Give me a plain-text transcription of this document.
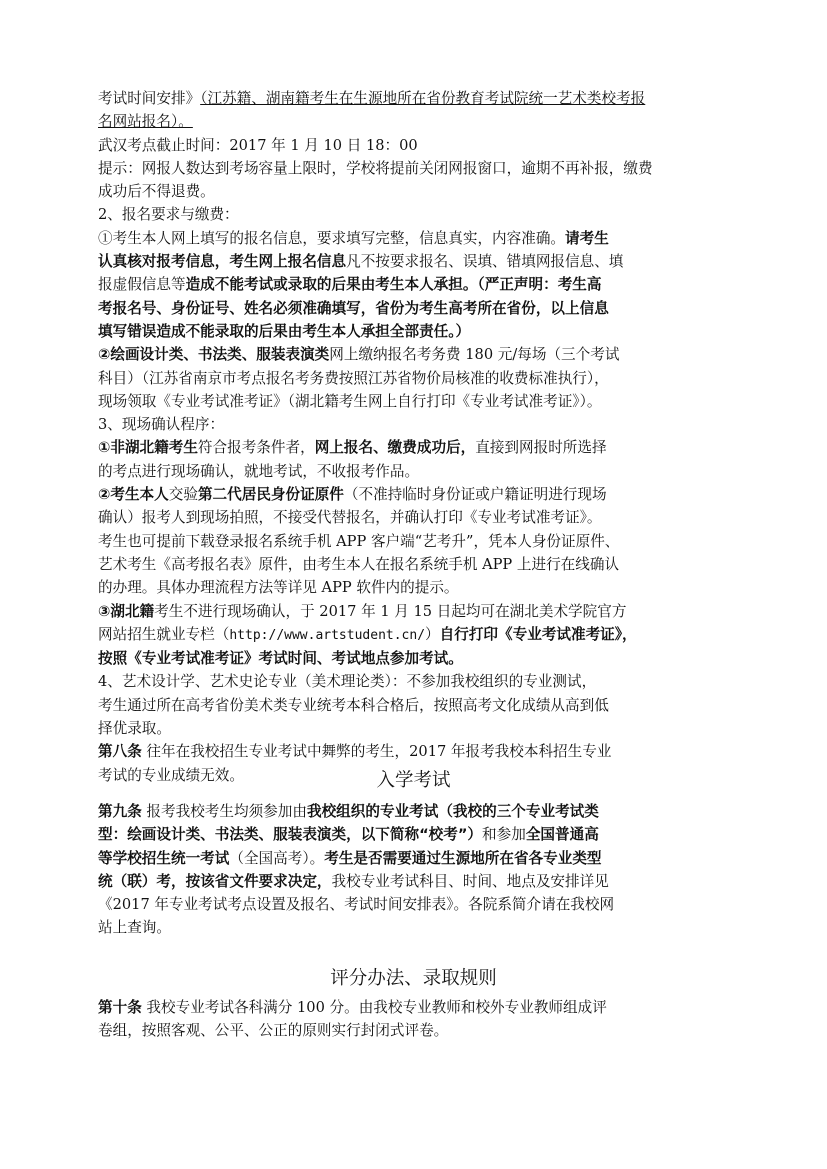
考试时间安排》（江苏籍、湖南籍考生在生源地所在省份教育考试院统一艺术类校考报
名网站报名）。
武汉考点截止时间：2017 年 1 月 10 日 18：00
提示：网报人数达到考场容量上限时，学校将提前关闭网报窗口，逾期不再补报，缴费
成功后不得退费。
2、报名要求与缴费：
①考生本人网上填写的报名信息，要求填写完整，信息真实，内容准确。请考生
认真核对报考信息，考生网上报名信息凡不按要求报名、误填、错填网报信息、填
报虚假信息等造成不能考试或录取的后果由考生本人承担。（严正声明：考生高
考报名号、身份证号、姓名必须准确填写，省份为考生高考所在省份，以上信息
填写错误造成不能录取的后果由考生本人承担全部责任。）
②绘画设计类、书法类、服装表演类网上缴纳报名考务费 180 元/每场（三个考试
科目）（江苏省南京市考点报名考务费按照江苏省物价局核准的收费标准执行），
现场领取《专业考试准考证》（湖北籍考生网上自行打印《专业考试准考证》）。
3、现场确认程序：
①非湖北籍考生符合报考条件者，网上报名、缴费成功后，直接到网报时所选择
的考点进行现场确认，就地考试，不收报考作品。
②考生本人交验第二代居民身份证原件（不准持临时身份证或户籍证明进行现场
确认）报考人到现场拍照，不接受代替报名，并确认打印《专业考试准考证》。
考生也可提前下载登录报名系统手机 APP 客户端“艺考升”，凭本人身份证原件、
艺术考生《高考报名表》原件，由考生本人在报名系统手机 APP 上进行在线确认
的办理。具体办理流程方法等详见 APP 软件内的提示。
③湖北籍考生不进行现场确认，于 2017 年 1 月 15 日起均可在湖北美术学院官方
网站招生就业专栏（http://www.artstudent.cn/）自行打印《专业考试准考证》，
按照《专业考试准考证》考试时间、考试地点参加考试。
4、艺术设计学、艺术史论专业（美术理论类）：不参加我校组织的专业测试，
考生通过所在高考省份美术类专业统考本科合格后，按照高考文化成绩从高到低
择优录取。
第八条 往年在我校招生专业考试中舞弊的考生，2017 年报考我校本科招生专业
考试的专业成绩无效。	入学考试
第九条 报考我校考生均须参加由我校组织的专业考试（我校的三个专业考试类
型：绘画设计类、书法类、服装表演类，以下简称“校考”）和参加全国普通高
等学校招生统一考试（全国高考）。考生是否需要通过生源地所在省各专业类型
统（联）考，按该省文件要求决定，我校专业考试科目、时间、地点及安排详见
《2017 年专业考试考点设置及报名、考试时间安排表》。各院系简介请在我校网
站上查询。
评分办法、录取规则
第十条 我校专业考试各科满分 100 分。由我校专业教师和校外专业教师组成评
卷组，按照客观、公平、公正的原则实行封闭式评卷。
